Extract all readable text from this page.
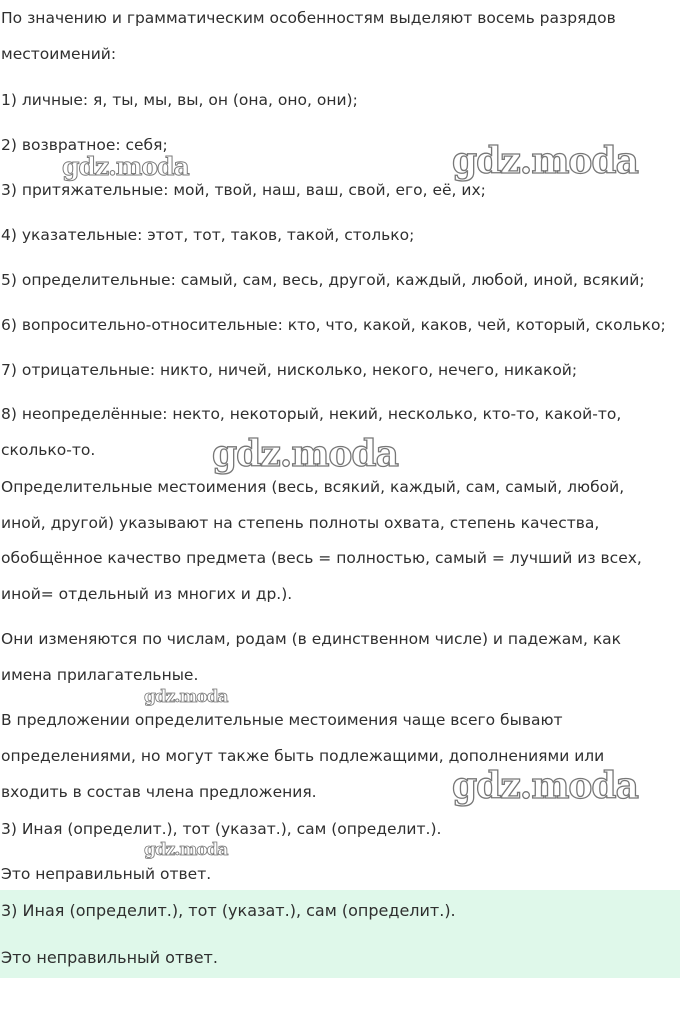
По значению и грамматическим особенностям выделяют восемь разрядов
местоимений:
1) личные: я, ты, мы, вы, он (она, оно, они);
2) возвратное: себя;
3) притяжательные: мой, твой, наш, ваш, свой, его, её, их;
4) указательные: этот, тот, таков, такой, столько;
5) определительные: самый, сам, весь, другой, каждый, любой, иной, всякий;
6) вопросительно-относительные: кто, что, какой, каков, чей, который, сколько;
7) отрицательные: никто, ничей, нисколько, некого, нечего, никакой;
8) неопределённые: некто, некоторый, некий, несколько, кто-то, какой-то,
сколько-то.
Определительные местоимения (весь, всякий, каждый, сам, самый, любой,
иной, другой) указывают на степень полноты охвата, степень качества,
обобщённое качество предмета (весь = полностью, самый = лучший из всех,
иной= отдельный из многих и др.).
Они изменяются по числам, родам (в единственном числе) и падежам, как
имена прилагательные.
В предложении определительные местоимения чаще всего бывают
определениями, но могут также быть подлежащими, дополнениями или
входить в состав члена предложения.
3) Иная (определит.), тот (указат.), сам (определит.).
Это неправильный ответ.
3) Иная (определит.), тот (указат.), сам (определит.).
Это неправильный ответ.
gdz.moda	gdz.moda
gdz.moda
gdz.moda
gdz.moda
gdz.moda
